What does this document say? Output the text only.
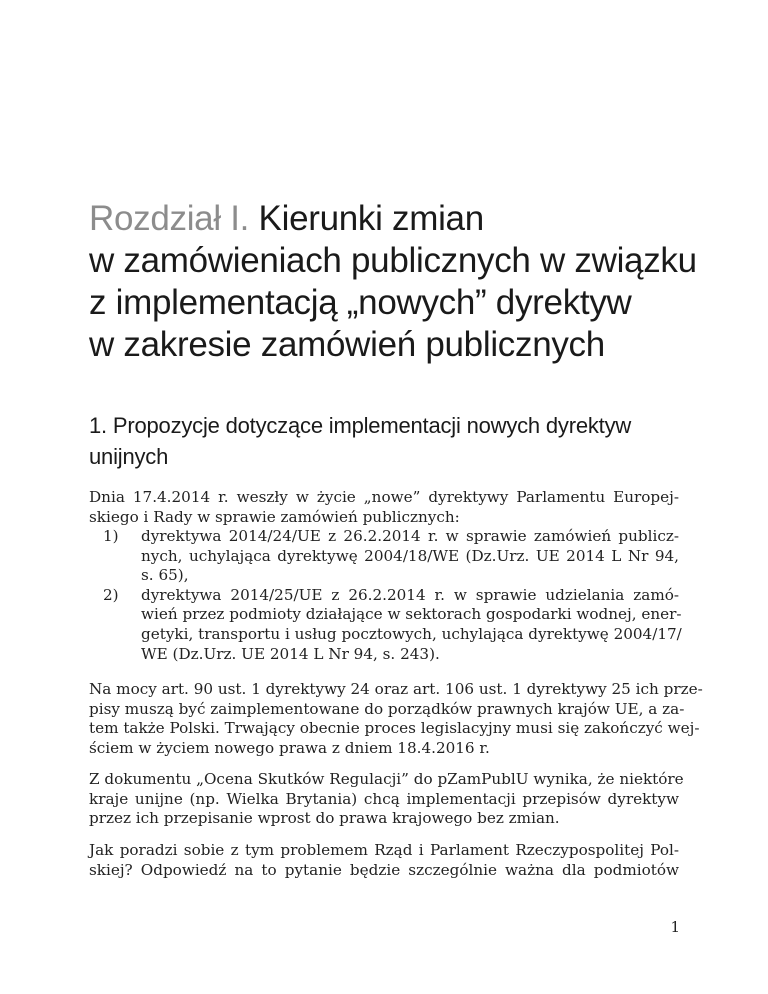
Rozdział I. Kierunki zmian
w zamówieniach publicznych w związku
z implementacją „nowych” dyrektyw
w zakresie zamówień publicznych
1. Propozycje dotyczące implementacji nowych dyrektyw
unijnych
Dnia 17.4.2014 r. weszły w życie „nowe” dyrektywy Parlamentu Europej-
skiego i Rady w sprawie zamówień publicznych:
1) dyrektywa 2014/24/UE z 26.2.2014 r. w sprawie zamówień publicz-
nych, uchylająca dyrektywę 2004/18/WE (Dz.Urz. UE 2014 L Nr 94,
s. 65),
2) dyrektywa 2014/25/UE z 26.2.2014 r. w sprawie udzielania zamó-
wień przez podmioty działające w sektorach gospodarki wodnej, ener-
getyki, transportu i usług pocztowych, uchylająca dyrektywę 2004/17/
WE (Dz.Urz. UE 2014 L Nr 94, s. 243).
Na mocy art. 90 ust. 1 dyrektywy 24 oraz art. 106 ust. 1 dyrektywy 25 ich prze-
pisy muszą być zaimplementowane do porządków prawnych krajów UE, a za-
tem także Polski. Trwający obecnie proces legislacyjny musi się zakończyć wej-
ściem w życiem nowego prawa z dniem 18.4.2016 r.
Z dokumentu „Ocena Skutków Regulacji” do pZamPublU wynika, że niektóre
kraje unijne (np. Wielka Brytania) chcą implementacji przepisów dyrektyw
przez ich przepisanie wprost do prawa krajowego bez zmian.
Jak poradzi sobie z tym problemem Rząd i Parlament Rzeczypospolitej Pol-
skiej? Odpowiedź na to pytanie będzie szczególnie ważna dla podmiotów
1
